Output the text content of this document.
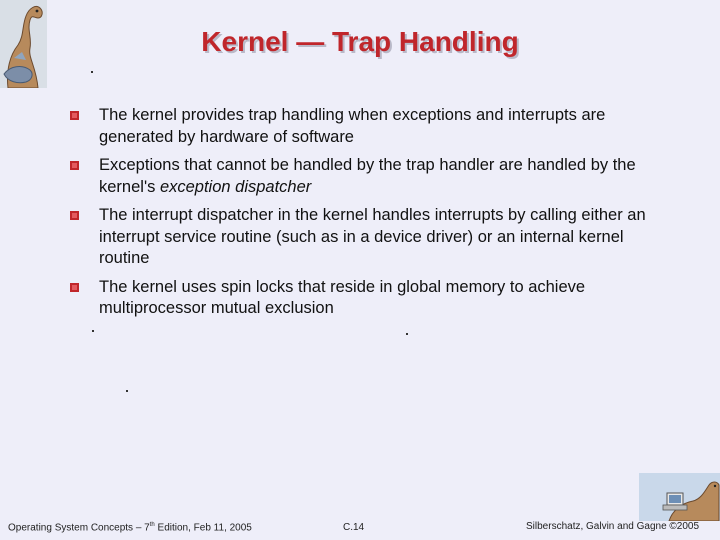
Kernel — Trap Handling
The kernel provides trap handling when exceptions and interrupts are generated by hardware of software
Exceptions that cannot be handled by the trap handler are handled by the kernel's exception dispatcher
The interrupt dispatcher in the kernel handles interrupts by calling either an interrupt service routine (such as in a device driver) or an internal kernel routine
The kernel uses spin locks that reside in global memory to achieve multiprocessor mutual exclusion
Operating System Concepts – 7th Edition, Feb 11, 2005	C.14	Silberschatz, Galvin and Gagne ©2005
